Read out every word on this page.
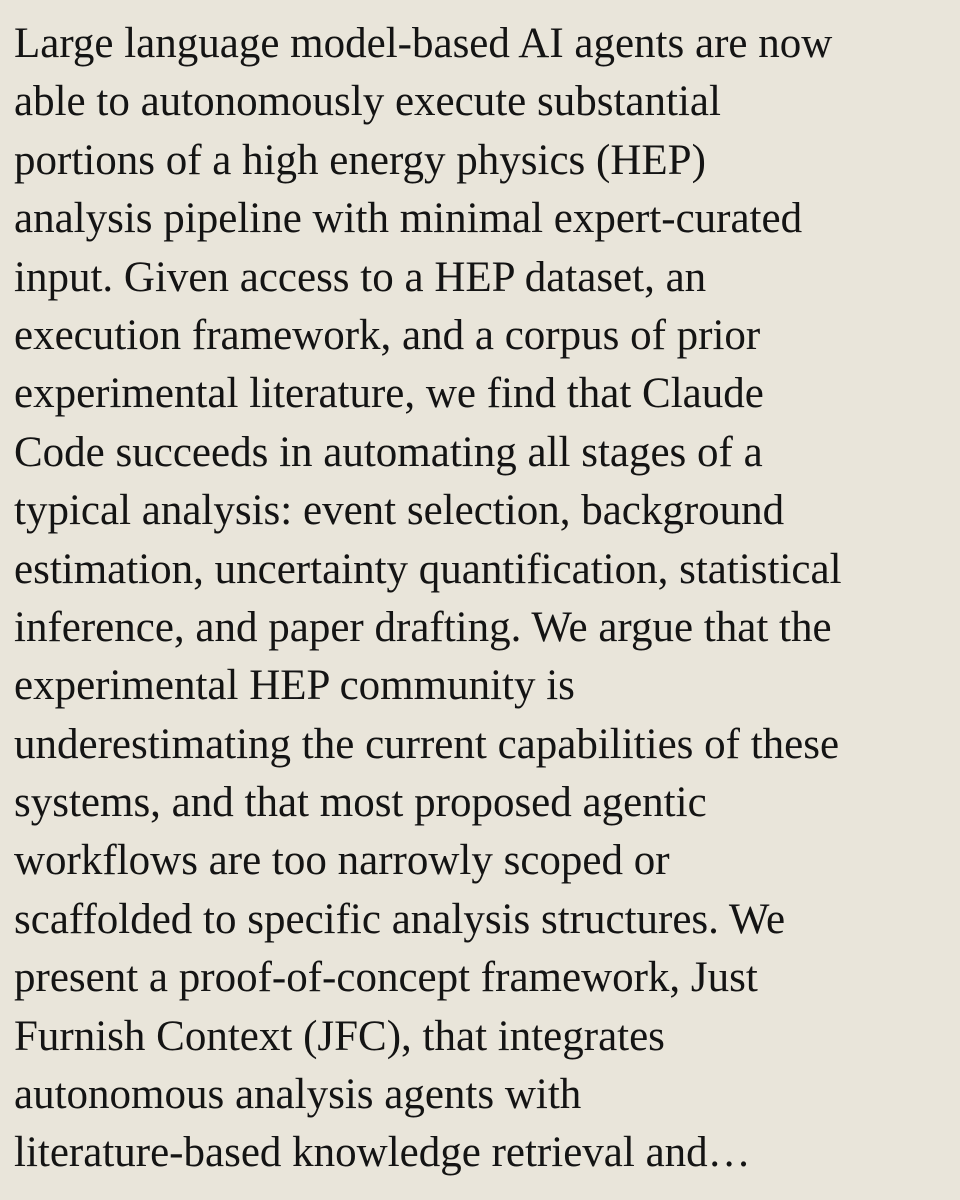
Large language model-based AI agents are now
able to autonomously execute substantial
portions of a high energy physics (HEP)
analysis pipeline with minimal expert-curated
input. Given access to a HEP dataset, an
execution framework, and a corpus of prior
experimental literature, we find that Claude
Code succeeds in automating all stages of a
typical analysis: event selection, background
estimation, uncertainty quantification, statistical
inference, and paper drafting. We argue that the
experimental HEP community is
underestimating the current capabilities of these
systems, and that most proposed agentic
workflows are too narrowly scoped or
scaffolded to specific analysis structures. We
present a proof-of-concept framework, Just
Furnish Context (JFC), that integrates
autonomous analysis agents with
literature-based knowledge retrieval and…
